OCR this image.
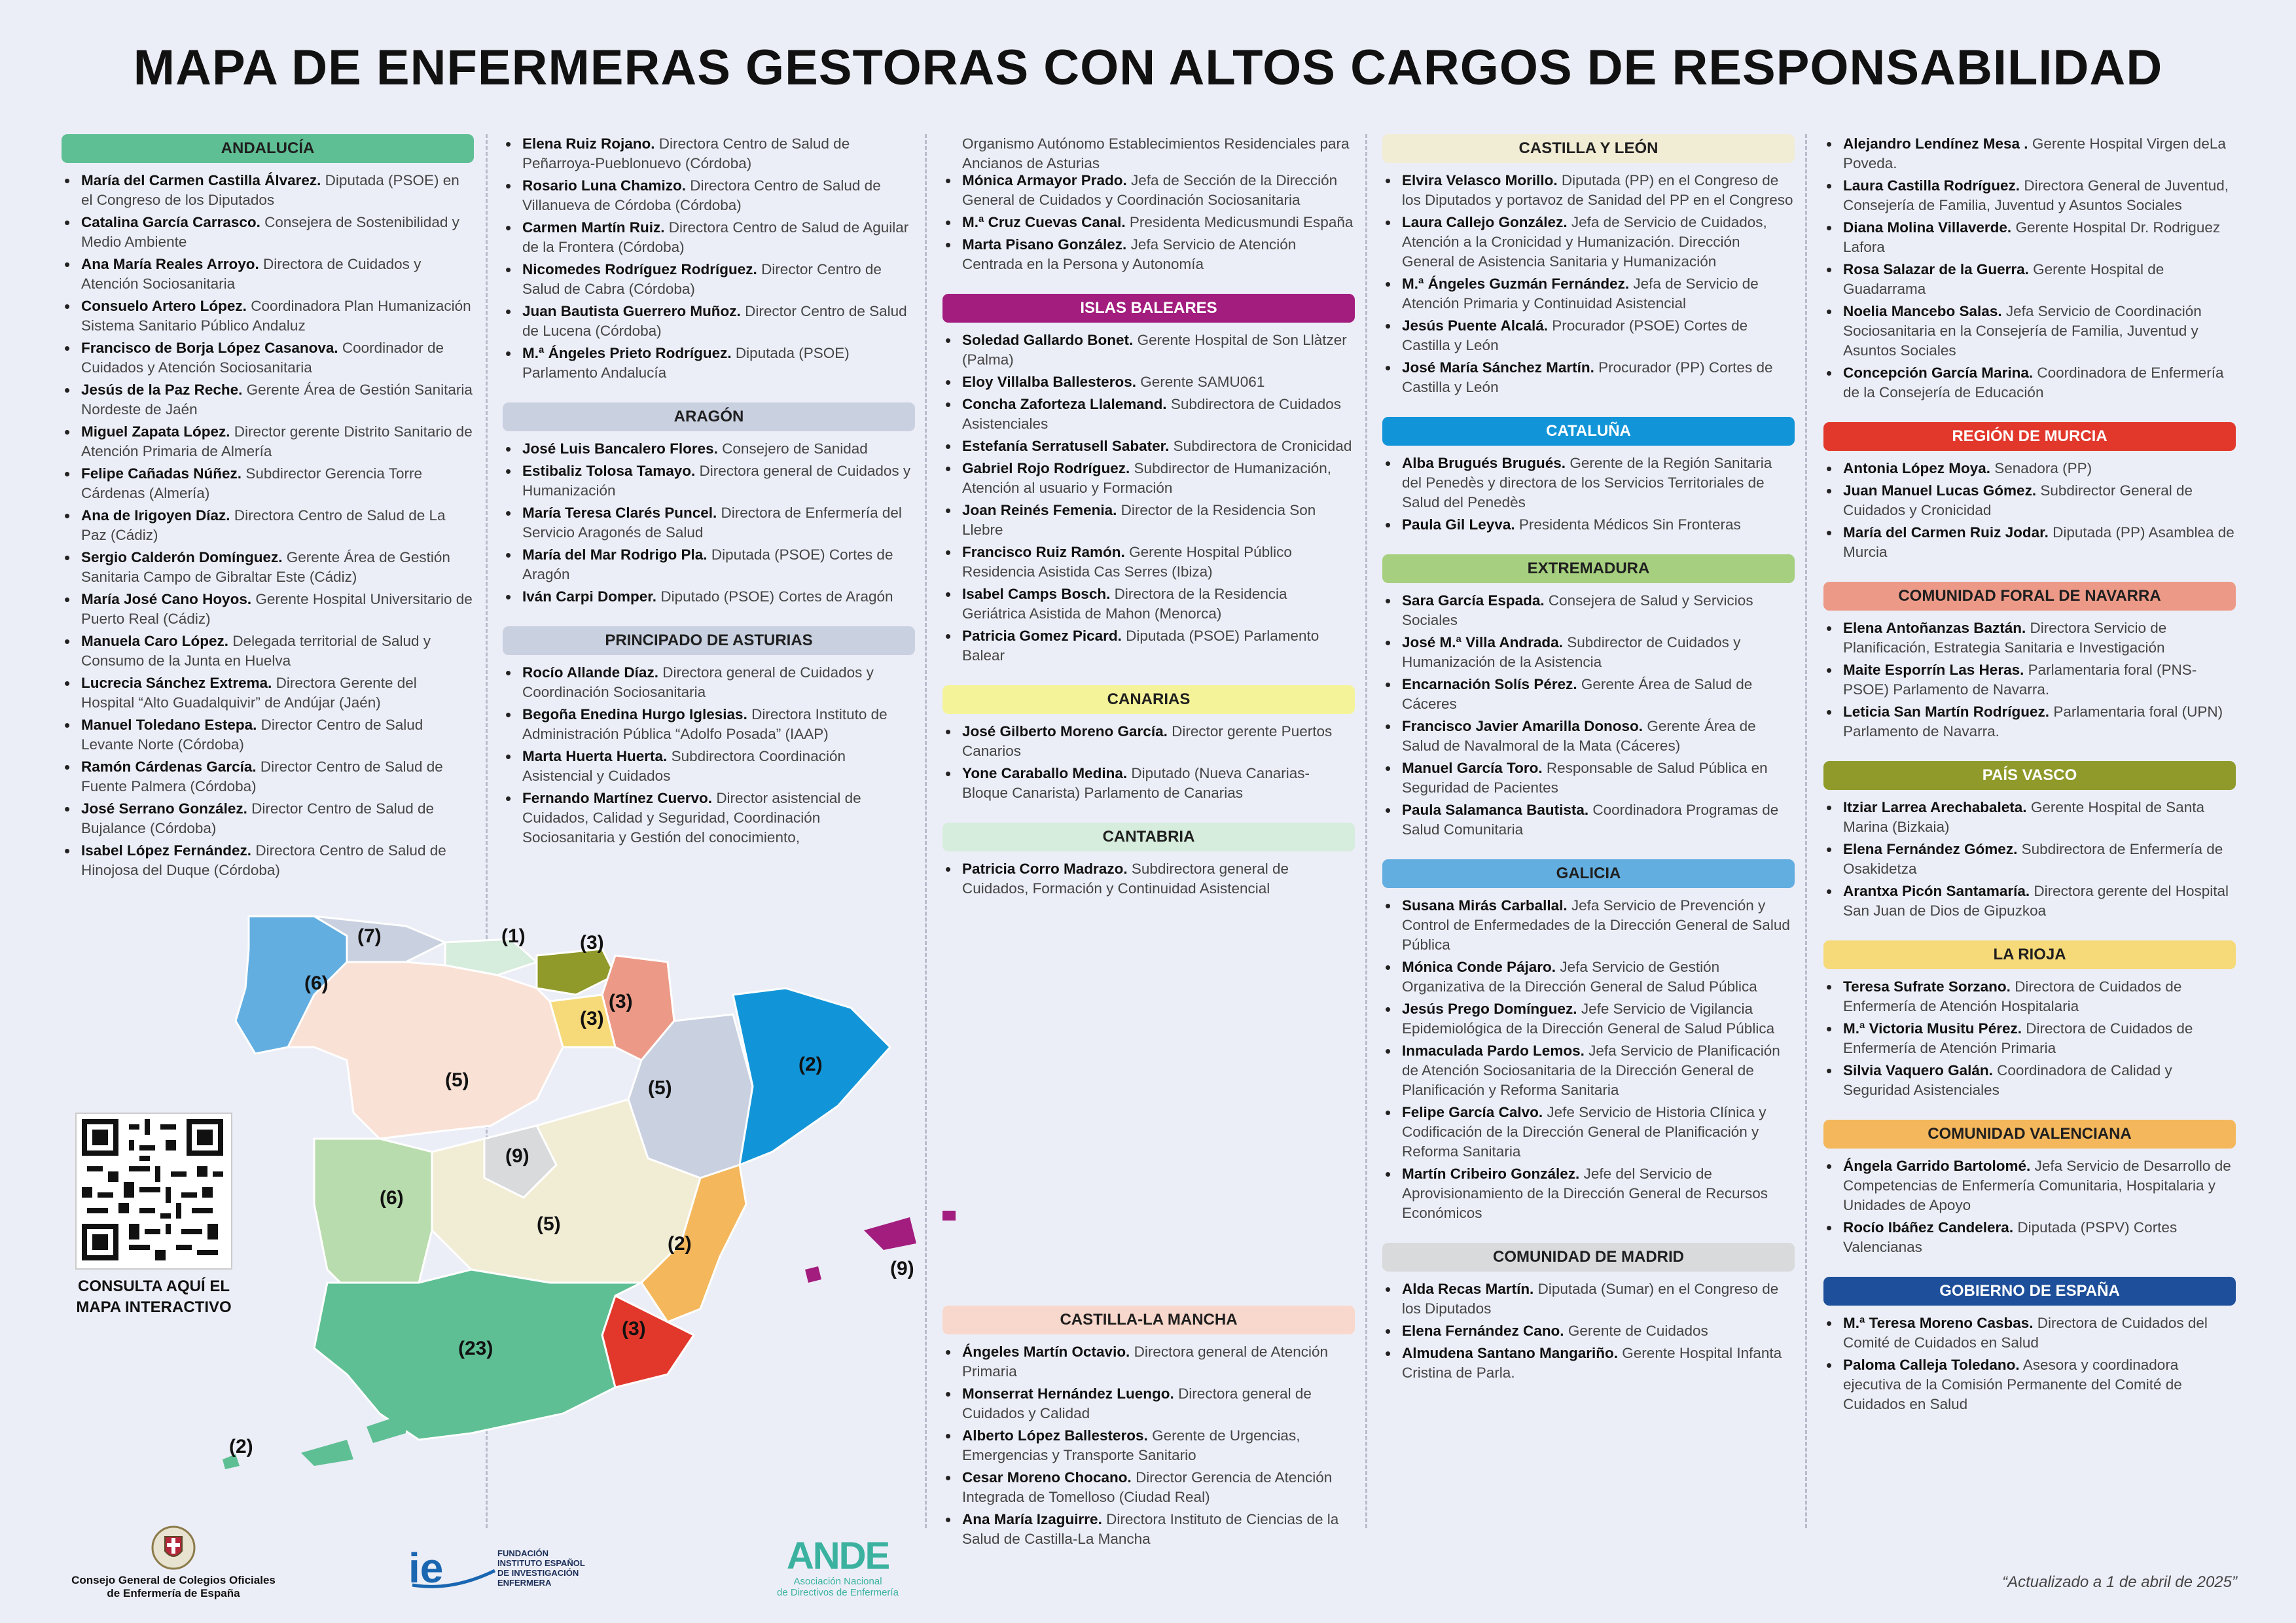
MAPA DE ENFERMERAS GESTORAS CON ALTOS CARGOS DE RESPONSABILIDAD
ANDALUCÍA
• María del Carmen Castilla Álvarez. Diputada (PSOE) en el Congreso de los Diputados
• Catalina García Carrasco. Consejera de Sostenibilidad y Medio Ambiente
• Ana María Reales Arroyo. Directora de Cuidados y Atención Sociosanitaria
• Consuelo Artero López. Coordinadora Plan Humanización Sistema Sanitario Público Andaluz
• Francisco de Borja López Casanova. Coordinador de Cuidados y Atención Sociosanitaria
• Jesús de la Paz Reche. Gerente Área de Gestión Sanitaria Nordeste de Jaén
• Miguel Zapata López. Director gerente Distrito Sanitario de Atención Primaria de Almería
• Felipe Cañadas Núñez. Subdirector Gerencia Torre Cárdenas (Almería)
• Ana de Irigoyen Díaz. Directora Centro de Salud de La Paz (Cádiz)
• Sergio Calderón Domínguez. Gerente Área de Gestión Sanitaria Campo de Gibraltar Este (Cádiz)
• María José Cano Hoyos. Gerente Hospital Universitario de Puerto Real (Cádiz)
• Manuela Caro López. Delegada territorial de Salud y Consumo de la Junta en Huelva
• Lucrecia Sánchez Extrema. Directora Gerente del Hospital “Alto Guadalquivir” de Andújar (Jaén)
• Manuel Toledano Estepa. Director Centro de Salud Levante Norte (Córdoba)
• Ramón Cárdenas García. Director Centro de Salud de Fuente Palmera (Córdoba)
• José Serrano González. Director Centro de Salud de Bujalance (Córdoba)
• Isabel López Fernández. Directora Centro de Salud de Hinojosa del Duque (Córdoba)
• Elena Ruiz Rojano. Directora Centro de Salud de Peñarroya-Pueblonuevo (Córdoba)
• Rosario Luna Chamizo. Directora Centro de Salud de Villanueva de Córdoba (Córdoba)
• Carmen Martín Ruiz. Directora Centro de Salud de Aguilar de la Frontera (Córdoba)
• Nicomedes Rodríguez Rodríguez. Director Centro de Salud de Cabra (Córdoba)
• Juan Bautista Guerrero Muñoz. Director Centro de Salud de Lucena (Córdoba)
• M.ª Ángeles Prieto Rodríguez. Diputada (PSOE) Parlamento Andalucía
ARAGÓN
• José Luis Bancalero Flores. Consejero de Sanidad
• Estibaliz Tolosa Tamayo. Directora general de Cuidados y Humanización
• María Teresa Clarés Puncel. Directora de Enfermería del Servicio Aragonés de Salud
• María del Mar Rodrigo Pla. Diputada (PSOE) Cortes de Aragón
• Iván Carpi Domper. Diputado (PSOE) Cortes de Aragón
PRINCIPADO DE ASTURIAS
• Rocío Allande Díaz. Directora general de Cuidados y Coordinación Sociosanitaria
• Begoña Enedina Hurgo Iglesias. Directora Instituto de Administración Pública “Adolfo Posada” (IAAP)
• Marta Huerta Huerta. Subdirectora Coordinación Asistencial y Cuidados
• Fernando Martínez Cuervo. Director asistencial de Cuidados, Calidad y Seguridad, Coordinación Sociosanitaria y Gestión del conocimiento,
Organismo Autónomo Establecimientos Residenciales para Ancianos de Asturias
• Mónica Armayor Prado. Jefa de Sección de la Dirección General de Cuidados y Coordinación Sociosanitaria
• M.ª Cruz Cuevas Canal. Presidenta Medicusmundi España
• Marta Pisano González. Jefa Servicio de Atención Centrada en la Persona y Autonomía
ISLAS BALEARES
• Soledad Gallardo Bonet. Gerente Hospital de Son Llàtzer (Palma)
• Eloy Villalba Ballesteros. Gerente SAMU061
• Concha Zaforteza Llalemand. Subdirectora de Cuidados Asistenciales
• Estefanía Serratusell Sabater. Subdirectora de Cronicidad
• Gabriel Rojo Rodríguez. Subdirector de Humanización, Atención al usuario y Formación
• Joan Reinés Femenia. Director de la Residencia Son Llebre
• Francisco Ruiz Ramón. Gerente Hospital Público Residencia Asistida Cas Serres (Ibiza)
• Isabel Camps Bosch. Directora de la Residencia Geriátrica Asistida de Mahon (Menorca)
• Patricia Gomez Picard. Diputada (PSOE) Parlamento Balear
CANARIAS
• José Gilberto Moreno García. Director gerente Puertos Canarios
• Yone Caraballo Medina. Diputado (Nueva Canarias-Bloque Canarista) Parlamento de Canarias
CANTABRIA
• Patricia Corro Madrazo. Subdirectora general de Cuidados, Formación y Continuidad Asistencial
CASTILLA-LA MANCHA
• Ángeles Martín Octavio. Directora general de Atención Primaria
• Monserrat Hernández Luengo. Directora general de Cuidados y Calidad
• Alberto López Ballesteros. Gerente de Urgencias, Emergencias y Transporte Sanitario
• Cesar Moreno Chocano. Director Gerencia de Atención Integrada de Tomelloso (Ciudad Real)
• Ana María Izaguirre. Directora Instituto de Ciencias de la Salud de Castilla-La Mancha
CASTILLA Y LEÓN
• Elvira Velasco Morillo. Diputada (PP) en el Congreso de los Diputados y portavoz de Sanidad del PP en el Congreso
• Laura Callejo González. Jefa de Servicio de Cuidados, Atención a la Cronicidad y Humanización. Dirección General de Asistencia Sanitaria y Humanización
• M.ª Ángeles Guzmán Fernández. Jefa de Servicio de Atención Primaria y Continuidad Asistencial
• Jesús Puente Alcalá. Procurador (PSOE) Cortes de Castilla y León
• José María Sánchez Martín. Procurador (PP) Cortes de Castilla y León
CATALUÑA
• Alba Brugués Brugués. Gerente de la Región Sanitaria del Penedès y directora de los Servicios Territoriales de Salud del Penedès
• Paula Gil Leyva. Presidenta Médicos Sin Fronteras
EXTREMADURA
• Sara García Espada. Consejera de Salud y Servicios Sociales
• José M.ª Villa Andrada. Subdirector de Cuidados y Humanización de la Asistencia
• Encarnación Solís Pérez. Gerente Área de Salud de Cáceres
• Francisco Javier Amarilla Donoso. Gerente Área de Salud de Navalmoral de la Mata (Cáceres)
• Manuel García Toro. Responsable de Salud Pública en Seguridad de Pacientes
• Paula Salamanca Bautista. Coordinadora Programas de Salud Comunitaria
GALICIA
• Susana Mirás Carballal. Jefa Servicio de Prevención y Control de Enfermedades de la Dirección General de Salud Pública
• Mónica Conde Pájaro. Jefa Servicio de Gestión Organizativa de la Dirección General de Salud Pública
• Jesús Prego Domínguez. Jefe Servicio de Vigilancia Epidemiológica de la Dirección General de Salud Pública
• Inmaculada Pardo Lemos. Jefa Servicio de Planificación de Atención Sociosanitaria de la Dirección General de Planificación y Reforma Sanitaria
• Felipe García Calvo. Jefe Servicio de Historia Clínica y Codificación de la Dirección General de Planificación y Reforma Sanitaria
• Martín Cribeiro González. Jefe del Servicio de Aprovisionamiento de la Dirección General de Recursos Económicos
COMUNIDAD DE MADRID
• Alda Recas Martín. Diputada (Sumar) en el Congreso de los Diputados
• Elena Fernández Cano. Gerente de Cuidados
• Almudena Santano Mangariño. Gerente Hospital Infanta Cristina de Parla.
• Alejandro Lendínez Mesa . Gerente Hospital Virgen deLa Poveda.
• Laura Castilla Rodríguez. Directora General de Juventud, Consejería de Familia, Juventud y Asuntos Sociales
• Diana Molina Villaverde. Gerente Hospital Dr. Rodriguez Lafora
• Rosa Salazar de la Guerra. Gerente Hospital de Guadarrama
• Noelia Mancebo Salas. Jefa Servicio de Coordinación Sociosanitaria en la Consejería de Familia, Juventud y Asuntos Sociales
• Concepción García Marina. Coordinadora de Enfermería de la Consejería de Educación
REGIÓN DE MURCIA
• Antonia López Moya. Senadora (PP)
• Juan Manuel Lucas Gómez. Subdirector General de Cuidados y Cronicidad
• María del Carmen Ruiz Jodar. Diputada (PP) Asamblea de Murcia
COMUNIDAD FORAL DE NAVARRA
• Elena Antoñanzas Baztán. Directora Servicio de Planificación, Estrategia Sanitaria e Investigación
• Maite Esporrín Las Heras. Parlamentaria foral (PNS-PSOE) Parlamento de Navarra.
• Leticia San Martín Rodríguez. Parlamentaria foral (UPN) Parlamento de Navarra.
PAÍS VASCO
• Itziar Larrea Arechabaleta. Gerente Hospital de Santa Marina (Bizkaia)
• Elena Fernández Gómez. Subdirectora de Enfermería de Osakidetza
• Arantxa Picón Santamaría. Directora gerente del Hospital San Juan de Dios de Gipuzkoa
LA RIOJA
• Teresa Sufrate Sorzano. Directora de Cuidados de Enfermería de Atención Hospitalaria
• M.ª Victoria Musitu Pérez. Directora de Cuidados de Enfermería de Atención Primaria
• Silvia Vaquero Galán. Coordinadora de Calidad y Seguridad Asistenciales
COMUNIDAD VALENCIANA
• Ángela Garrido Bartolomé. Jefa Servicio de Desarrollo de Competencias de Enfermería Comunitaria, Hospitalaria y Unidades de Apoyo
• Rocío Ibáñez Candelera. Diputada (PSPV) Cortes Valencianas
GOBIERNO DE ESPAÑA
• M.ª Teresa Moreno Casbas. Directora de Cuidados del Comité de Cuidados en Salud
• Paloma Calleja Toledano. Asesora y coordinadora ejecutiva de la Comisión Permanente del Comité de Cuidados en Salud
(7)	(1)	(3)
(3)
(3)
(6)
(5)	(5)
(2)
(9)
(6)
(5)
(2)
(9)
(3)
(23)
(2)
CONSULTA AQUÍ EL
MAPA INTERACTIVO
Consejo General de Colegios Oficiales
de Enfermería de España
ie	FUNDACIÓN
INSTITUTO ESPAÑOL
DE INVESTIGACIÓN
ENFERMERA
ANDE
Asociación Nacional
de Directivos de Enfermería
“Actualizado a 1 de abril de 2025”
